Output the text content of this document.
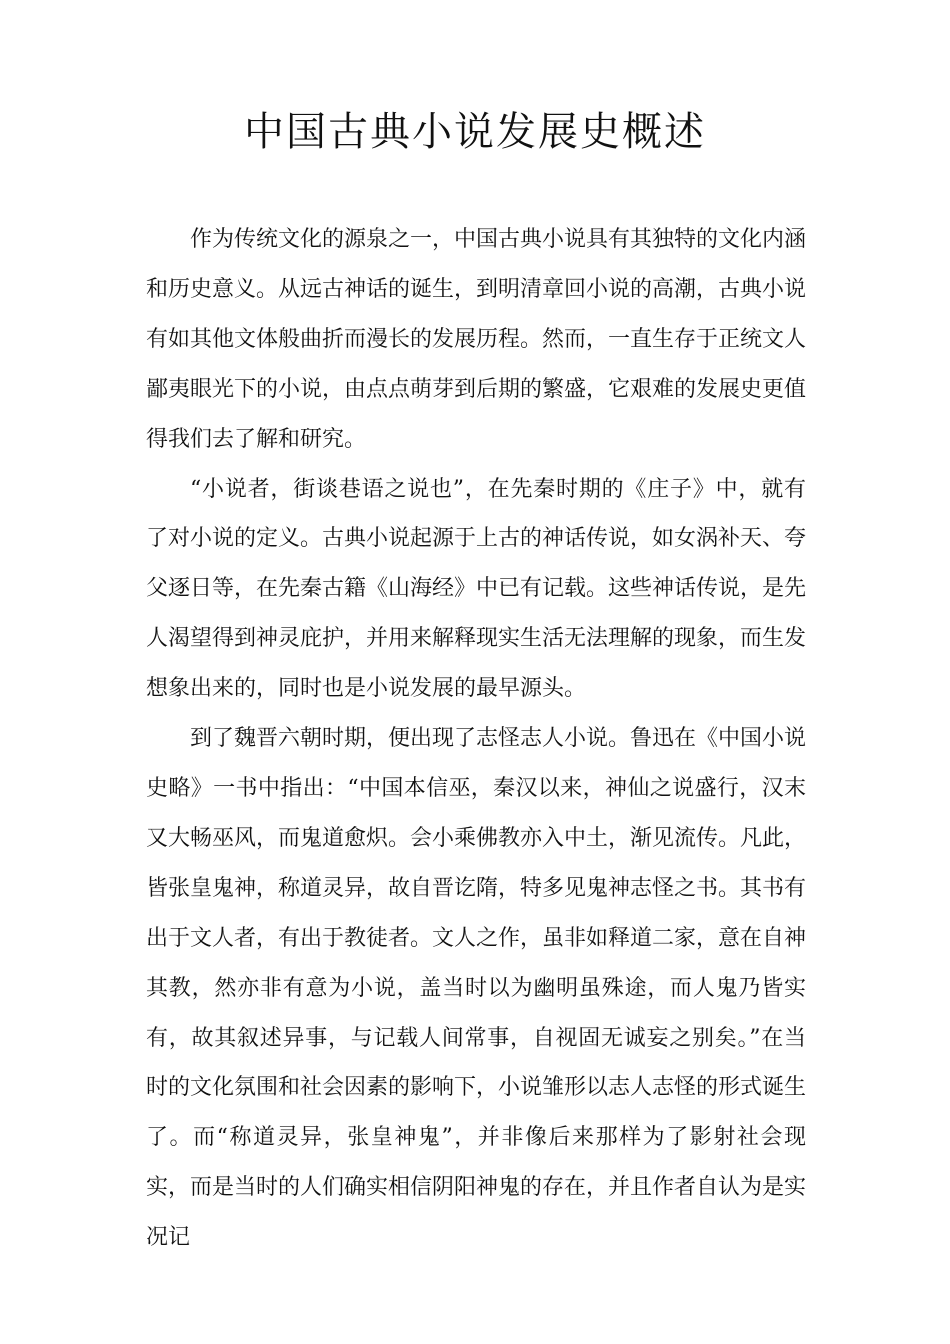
中国古典小说发展史概述

作为传统文化的源泉之一，中国古典小说具有其独特的文化内涵和历史意义。从远古神话的诞生，到明清章回小说的高潮，古典小说有如其他文体般曲折而漫长的发展历程。然而，一直生存于正统文人鄙夷眼光下的小说，由点点萌芽到后期的繁盛，它艰难的发展史更值得我们去了解和研究。

“小说者，街谈巷语之说也”，在先秦时期的《庄子》中，就有了对小说的定义。古典小说起源于上古的神话传说，如女涡补天、夸父逐日等，在先秦古籍《山海经》中已有记载。这些神话传说，是先人渴望得到神灵庇护，并用来解释现实生活无法理解的现象，而生发想象出来的，同时也是小说发展的最早源头。

到了魏晋六朝时期，便出现了志怪志人小说。鲁迅在《中国小说史略》一书中指出：“中国本信巫，秦汉以来，神仙之说盛行，汉末又大畅巫风，而鬼道愈炽。会小乘佛教亦入中土，渐见流传。凡此，皆张皇鬼神，称道灵异，故自晋讫隋，特多见鬼神志怪之书。其书有出于文人者，有出于教徒者。文人之作，虽非如释道二家，意在自神其教，然亦非有意为小说，盖当时以为幽明虽殊途，而人鬼乃皆实有，故其叙述异事，与记载人间常事，自视固无诚妄之别矣。”在当时的文化氛围和社会因素的影响下，小说雏形以志人志怪的形式诞生了。而“称道灵异，张皇神鬼”，并非像后来那样为了影射社会现实，而是当时的人们确实相信阴阳神鬼的存在，并且作者自认为是实况记
